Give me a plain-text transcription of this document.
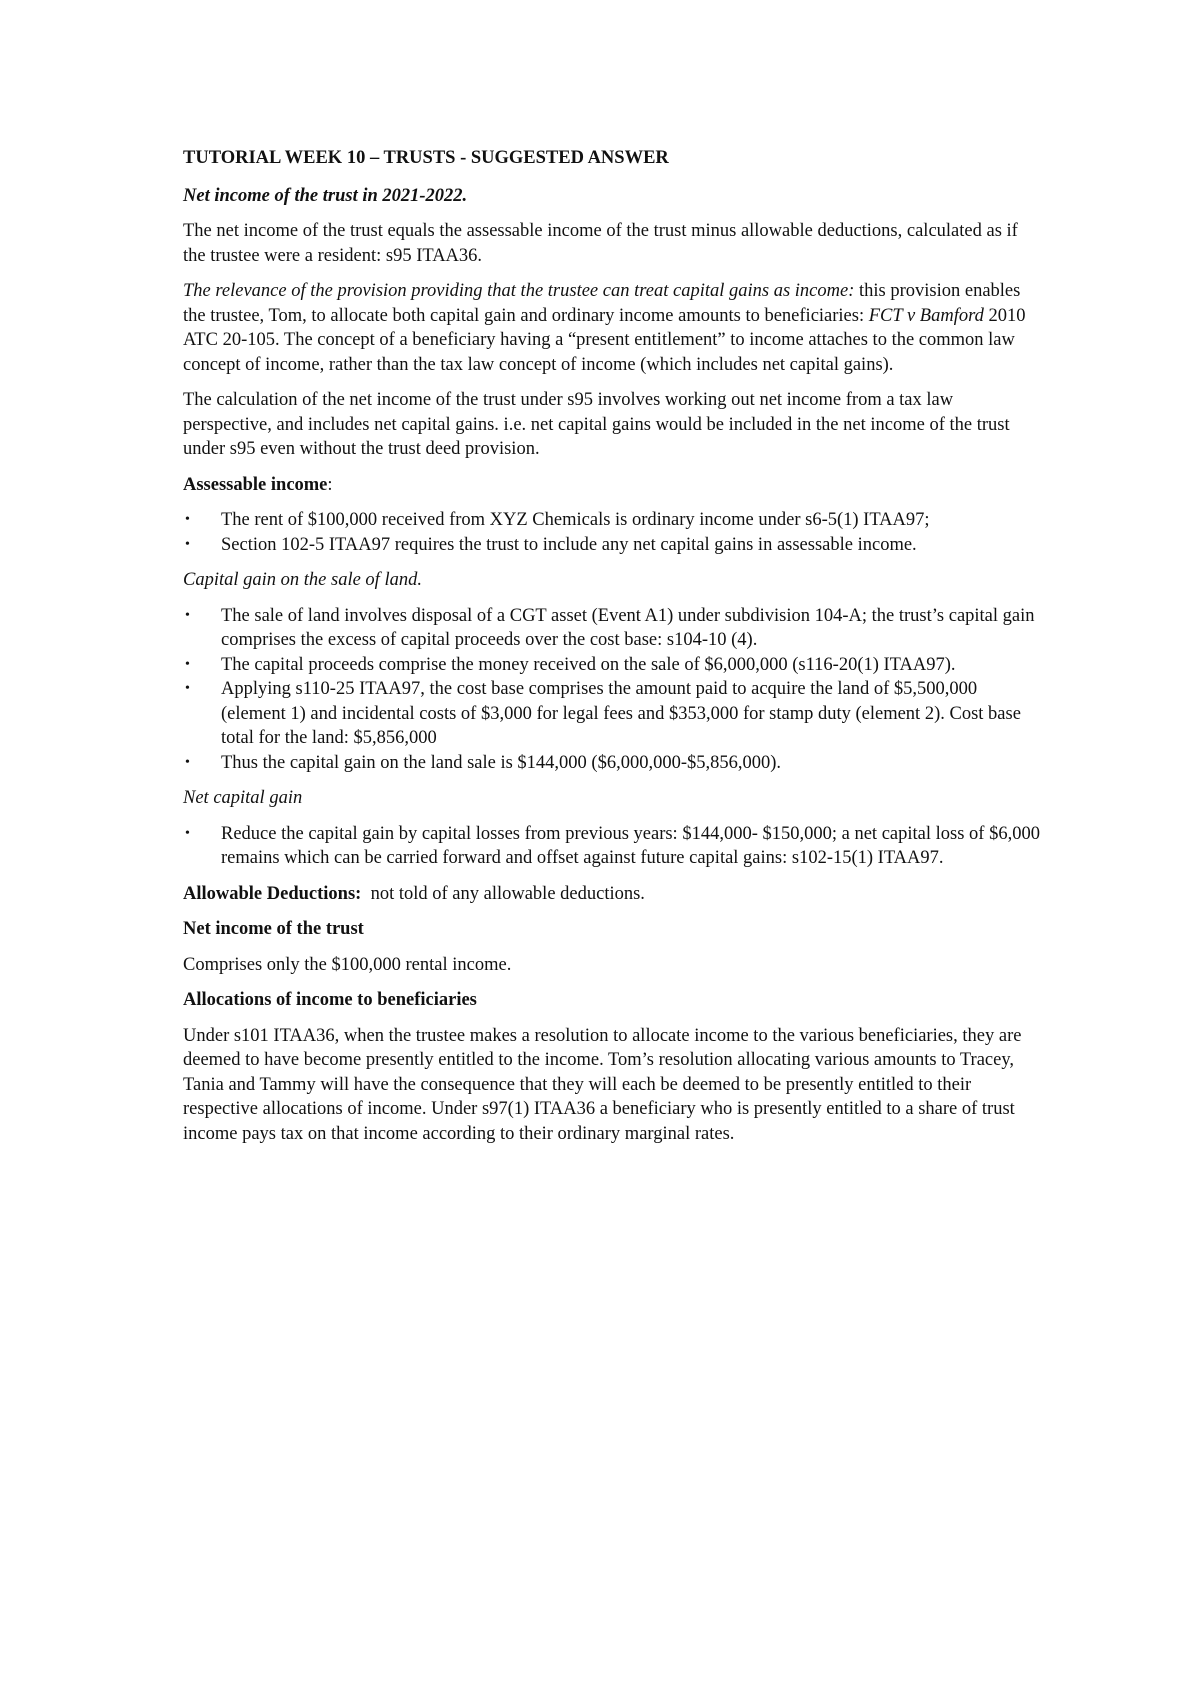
TUTORIAL WEEK 10 – TRUSTS - SUGGESTED ANSWER

Net income of the trust in 2021-2022.

The net income of the trust equals the assessable income of the trust minus allowable deductions, calculated as if the trustee were a resident: s95 ITAA36.

The relevance of the provision providing that the trustee can treat capital gains as income: this provision enables the trustee, Tom, to allocate both capital gain and ordinary income amounts to beneficiaries: FCT v Bamford 2010 ATC 20-105. The concept of a beneficiary having a “present entitlement” to income attaches to the common law concept of income, rather than the tax law concept of income (which includes net capital gains).

The calculation of the net income of the trust under s95 involves working out net income from a tax law perspective, and includes net capital gains. i.e. net capital gains would be included in the net income of the trust under s95 even without the trust deed provision.

Assessable income:

• The rent of $100,000 received from XYZ Chemicals is ordinary income under s6-5(1) ITAA97;
• Section 102-5 ITAA97 requires the trust to include any net capital gains in assessable income.

Capital gain on the sale of land.

• The sale of land involves disposal of a CGT asset (Event A1) under subdivision 104-A; the trust’s capital gain comprises the excess of capital proceeds over the cost base: s104-10 (4).
• The capital proceeds comprise the money received on the sale of $6,000,000 (s116-20(1) ITAA97).
• Applying s110-25 ITAA97, the cost base comprises the amount paid to acquire the land of $5,500,000 (element 1) and incidental costs of $3,000 for legal fees and $353,000 for stamp duty (element 2). Cost base total for the land: $5,856,000
• Thus the capital gain on the land sale is $144,000 ($6,000,000-$5,856,000).

Net capital gain

• Reduce the capital gain by capital losses from previous years: $144,000- $150,000; a net capital loss of $6,000 remains which can be carried forward and offset against future capital gains: s102-15(1) ITAA97.

Allowable Deductions:  not told of any allowable deductions.

Net income of the trust

Comprises only the $100,000 rental income.

Allocations of income to beneficiaries

Under s101 ITAA36, when the trustee makes a resolution to allocate income to the various beneficiaries, they are deemed to have become presently entitled to the income. Tom’s resolution allocating various amounts to Tracey, Tania and Tammy will have the consequence that they will each be deemed to be presently entitled to their respective allocations of income. Under s97(1) ITAA36 a beneficiary who is presently entitled to a share of trust income pays tax on that income according to their ordinary marginal rates.
